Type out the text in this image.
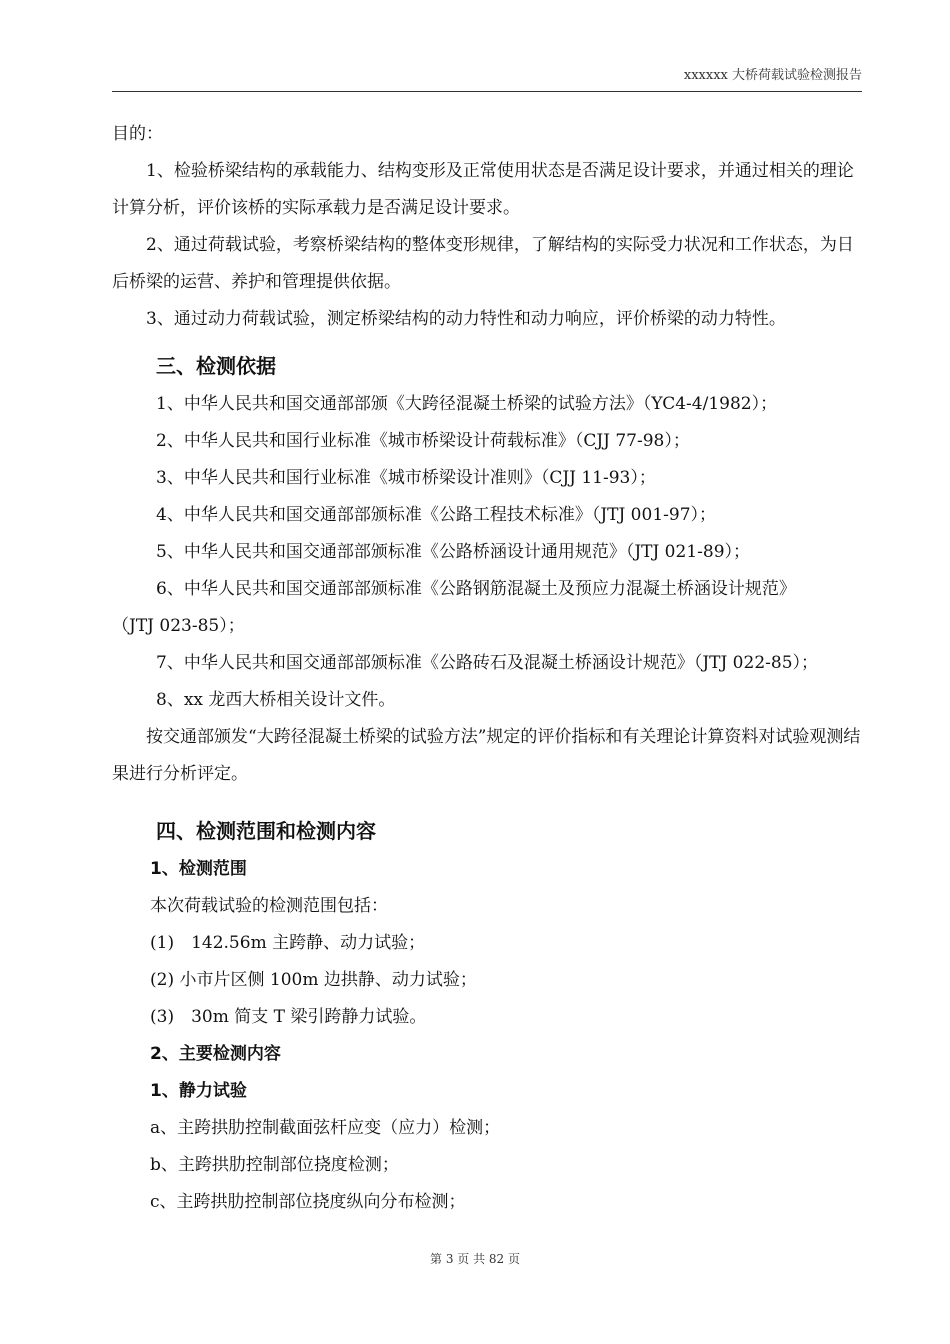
xxxxxx 大桥荷载试验检测报告

目的：

1、检验桥梁结构的承载能力、结构变形及正常使用状态是否满足设计要求，并通过相关的理论计算分析，评价该桥的实际承载力是否满足设计要求。

2、通过荷载试验，考察桥梁结构的整体变形规律，了解结构的实际受力状况和工作状态，为日后桥梁的运营、养护和管理提供依据。

3、通过动力荷载试验，测定桥梁结构的动力特性和动力响应，评价桥梁的动力特性。

三、检测依据

1、中华人民共和国交通部部颁《大跨径混凝土桥梁的试验方法》（YC4-4/1982）；

2、中华人民共和国行业标准《城市桥梁设计荷载标准》（CJJ 77-98）；

3、中华人民共和国行业标准《城市桥梁设计准则》（CJJ 11-93）；

4、中华人民共和国交通部部颁标准《公路工程技术标准》（JTJ 001-97）；

5、中华人民共和国交通部部颁标准《公路桥涵设计通用规范》（JTJ 021-89）；

6、中华人民共和国交通部部颁标准《公路钢筋混凝土及预应力混凝土桥涵设计规范》

（JTJ 023-85）；

7、中华人民共和国交通部部颁标准《公路砖石及混凝土桥涵设计规范》（JTJ 022-85）；

8、xx 龙西大桥相关设计文件。

按交通部颁发“大跨径混凝土桥梁的试验方法”规定的评价指标和有关理论计算资料对试验观测结果进行分析评定。

四、检测范围和检测内容
1、检测范围

本次荷载试验的检测范围包括：

(1)　142.56m 主跨静、动力试验；

(2) 小市片区侧 100m 边拱静、动力试验；

(3)　30m 简支 T 梁引跨静力试验。

2、主要检测内容
1、静力试验

a、主跨拱肋控制截面弦杆应变（应力）检测；

b、主跨拱肋控制部位挠度检测；

c、主跨拱肋控制部位挠度纵向分布检测；

第 3 页 共 82 页
